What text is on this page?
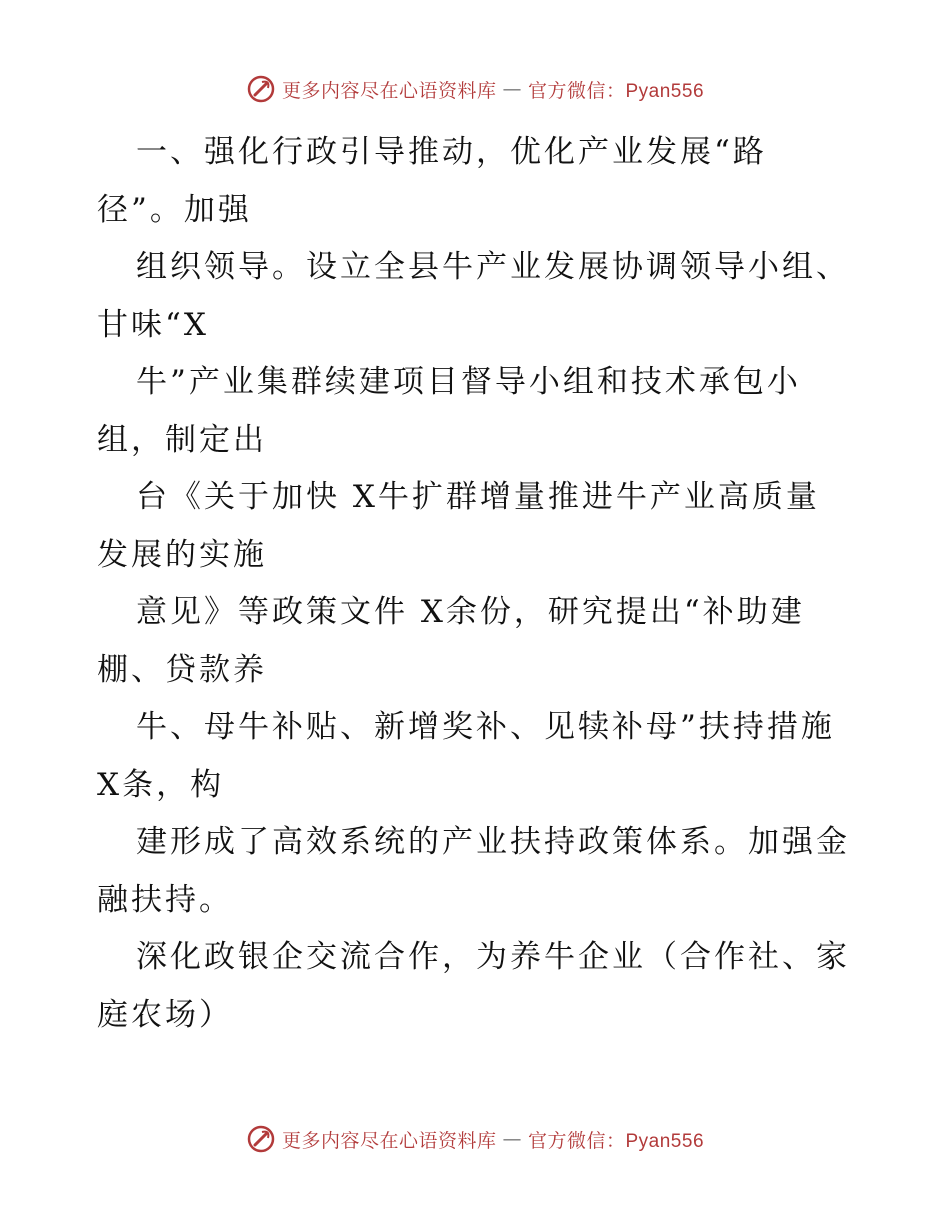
更多内容尽在心语资料库 — 官方微信：Pyan556
一、强化行政引导推动，优化产业发展“路
径”。加强
组织领导。设立全县牛产业发展协调领导小组、
甘味“X
牛”产业集群续建项目督导小组和技术承包小
组，制定出
台《关于加快 X牛扩群增量推进牛产业高质量
发展的实施
意见》等政策文件 X余份，研究提出“补助建
棚、贷款养
牛、母牛补贴、新增奖补、见犊补母”扶持措施
X条，构
建形成了高效系统的产业扶持政策体系。加强金
融扶持。
深化政银企交流合作，为养牛企业（合作社、家
庭农场）
更多内容尽在心语资料库 — 官方微信：Pyan556
